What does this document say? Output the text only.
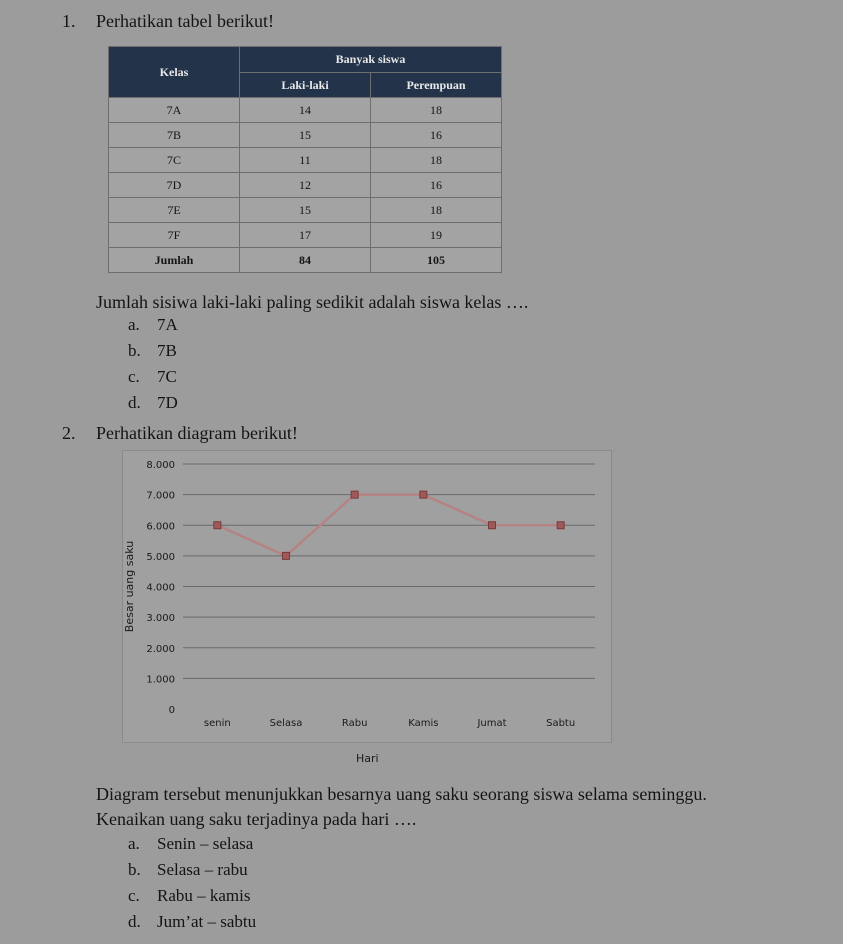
1. Perhatikan tabel berikut!
Kelas	Banyak siswa	
	Laki-laki	Perempuan
7A	14	18
7B	15	16
7C	11	18
7D	12	16
7E	15	18
7F	17	19
Jumlah	84	105
Jumlah sisiwa laki-laki paling sedikit adalah siswa kelas ….
a. 7A
b. 7B
c. 7C
d. 7D
2. Perhatikan diagram berikut!
0
1.000
2.000
3.000
4.000
5.000
6.000
7.000
8.000
senin	Selasa	Rabu	Kamis	Jumat	Sabtu
Besar uang saku
Hari
Diagram tersebut menunjukkan besarnya uang saku seorang siswa selama seminggu.
Kenaikan uang saku terjadinya pada hari ….
a. Senin – selasa
b. Selasa – rabu
c. Rabu – kamis
d. Jum’at – sabtu
